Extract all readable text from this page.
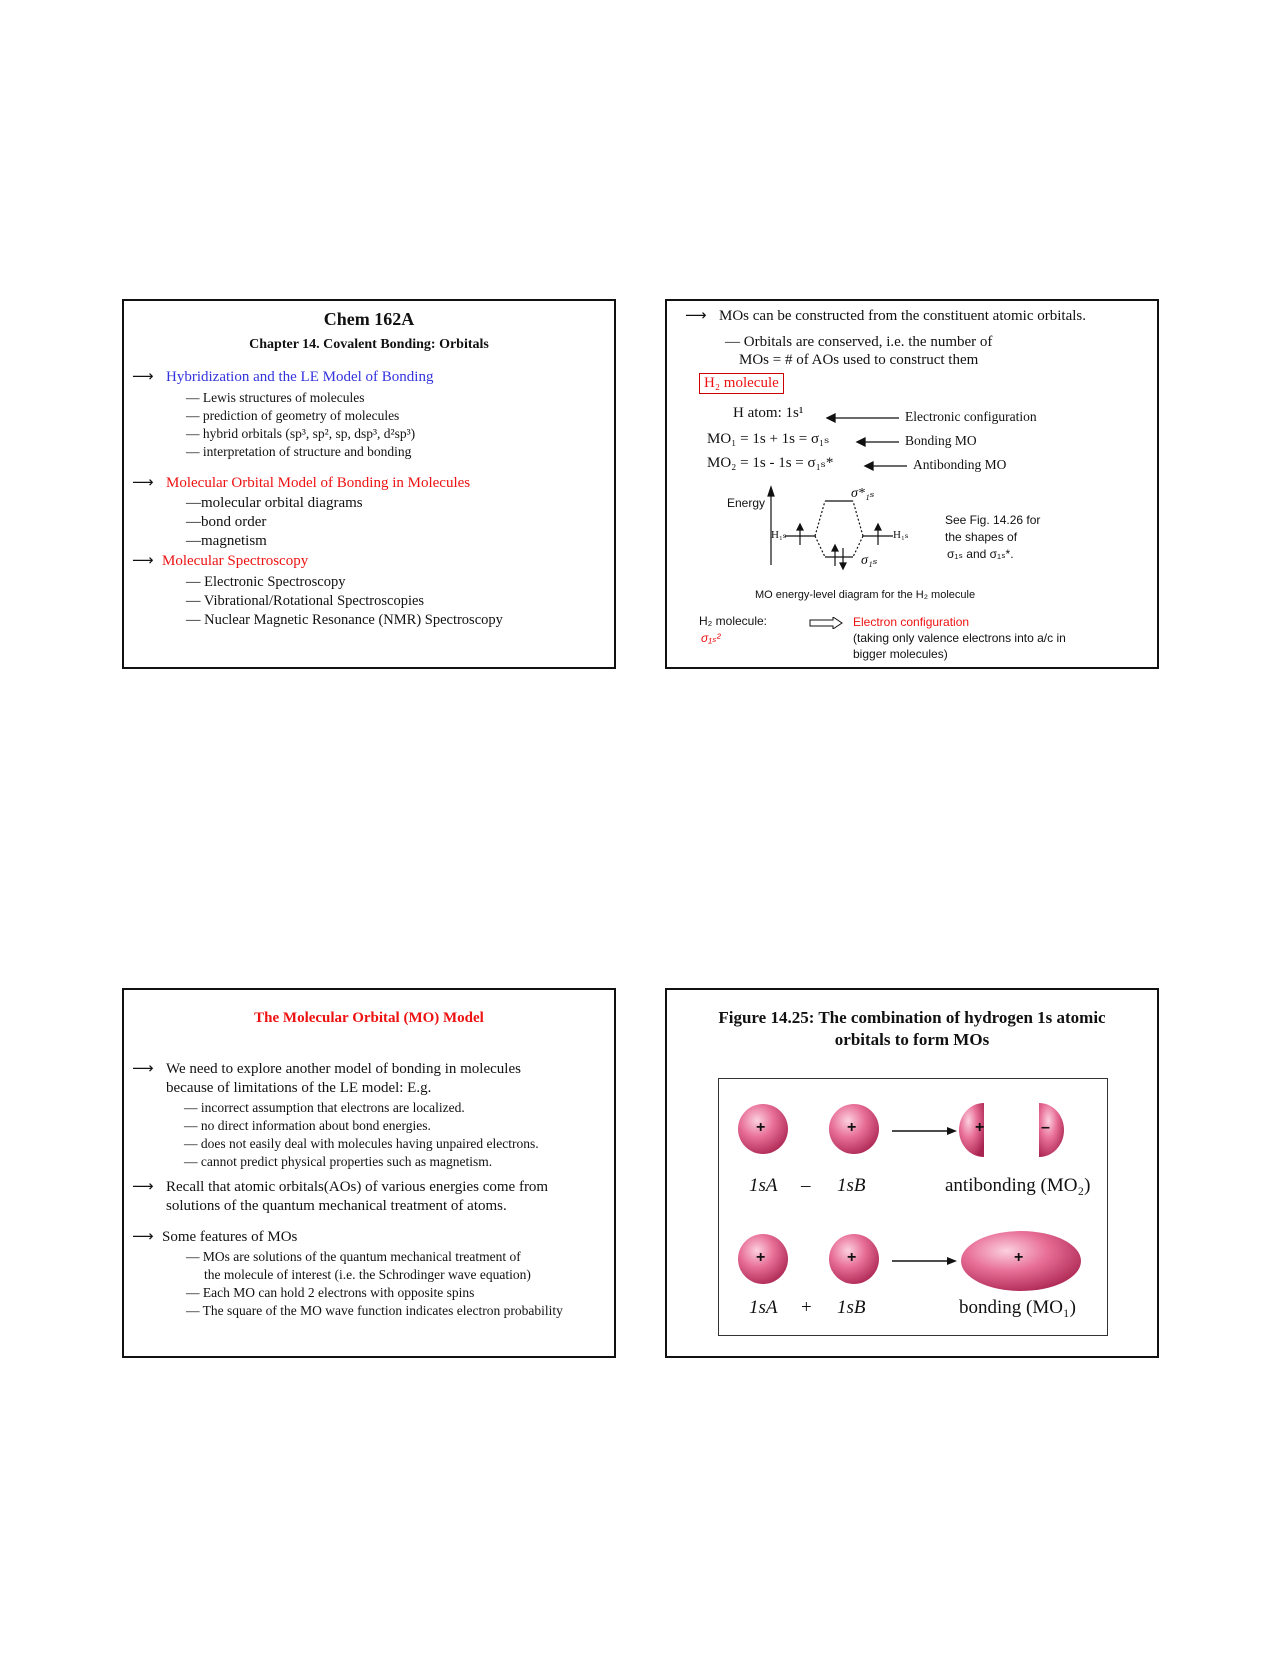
Chem 162A
Chapter 14. Covalent Bonding: Orbitals
⟶ Hybridization and the LE Model of Bonding
— Lewis structures of molecules
— prediction of geometry of molecules
— hybrid orbitals (sp³, sp², sp, dsp³, d²sp³)
— interpretation of structure and bonding
⟶ Molecular Orbital Model of Bonding in Molecules
—molecular orbital diagrams
—bond order
—magnetism
⟶ Molecular Spectroscopy
— Electronic Spectroscopy
— Vibrational/Rotational Spectroscopies
— Nuclear Magnetic Resonance (NMR) Spectroscopy
⟶ MOs can be constructed from the constituent atomic orbitals.
— Orbitals are conserved, i.e. the number of
MOs = # of AOs used to construct them
H₂ molecule
H atom: 1s¹
MO₁ = 1s + 1s = σ₁ₛ
MO₂ = 1s - 1s = σ₁ₛ*
Electronic configuration
Bonding MO
Antibonding MO
Energy
H₁ₛ	H₁ₛ
σ*₁ₛ
σ₁ₛ
See Fig. 14.26 for
the shapes of
σ₁ₛ and σ₁ₛ*.
MO energy-level diagram for the H₂ molecule
H₂ molecule:
σ₁ₛ²
Electron configuration
(taking only valence electrons into a/c in
bigger molecules)
The Molecular Orbital (MO) Model
⟶ We need to explore another model of bonding in molecules
because of limitations of the LE model: E.g.
— incorrect assumption that electrons are localized.
— no direct information about bond energies.
— does not easily deal with molecules having unpaired electrons.
— cannot predict physical properties such as magnetism.
⟶ Recall that atomic orbitals(AOs) of various energies come from
solutions of the quantum mechanical treatment of atoms.
⟶ Some features of MOs
— MOs are solutions of the quantum mechanical treatment of
the molecule of interest (i.e. the Schrodinger wave equation)
— Each MO can hold 2 electrons with opposite spins
— The square of the MO wave function indicates electron probability
Figure 14.25: The combination of hydrogen 1s atomic
orbitals to form MOs
+	+	+	–
+	+	+
1sA – 1sB	antibonding (MO₂)
1sA + 1sB	bonding (MO₁)
